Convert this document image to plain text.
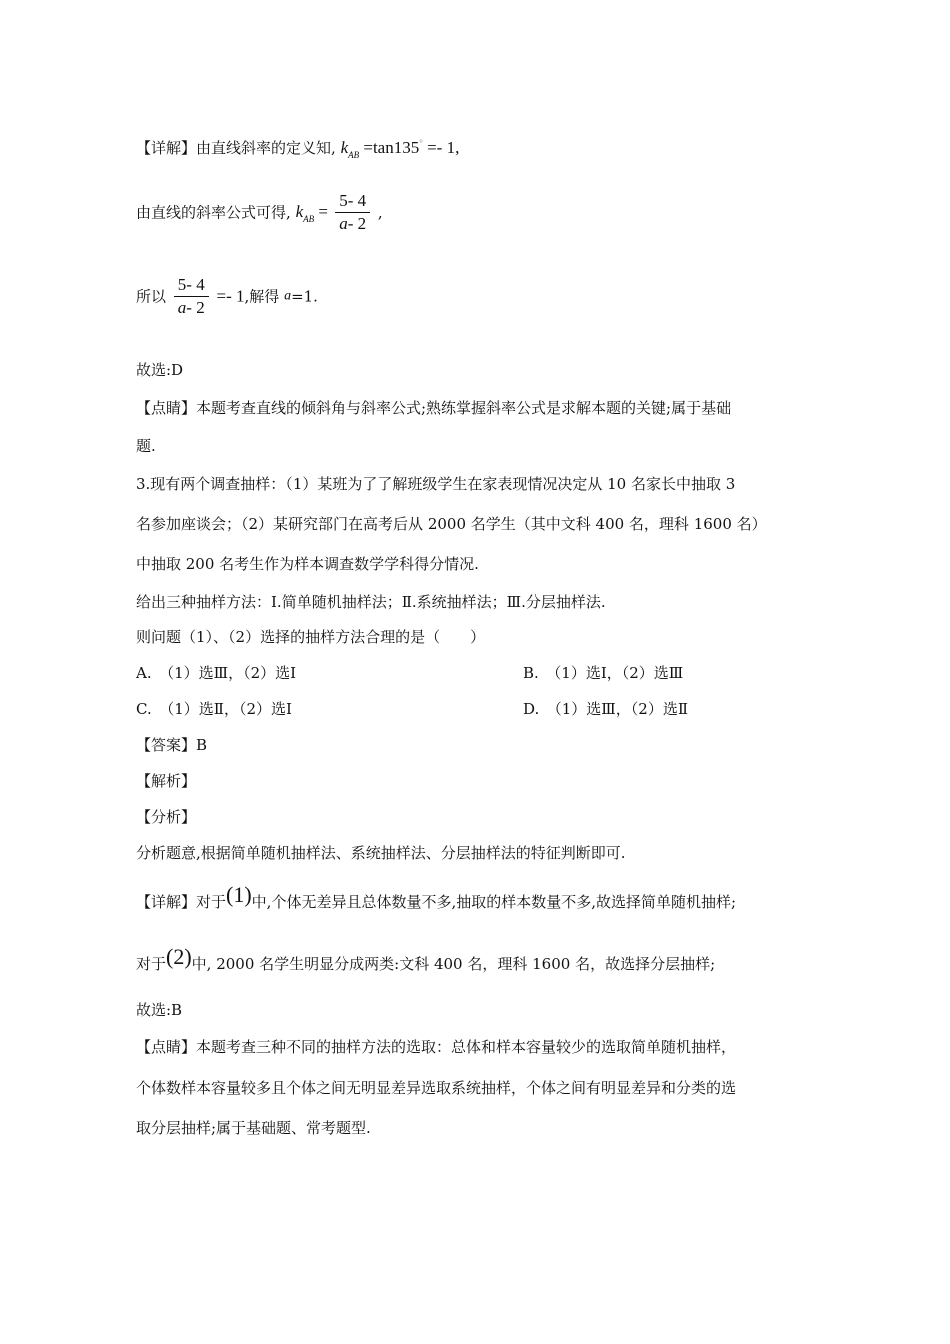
【详解】由直线斜率的定义知, $k_{AB} =\tan 135^\circ =- 1$,
由直线的斜率公式可得, $k_{AB} = \frac{5- 4}{a- 2}$ ,
所以 $\frac{5- 4}{a- 2} =- 1$,解得 a=1.
故选:D
【点睛】本题考查直线的倾斜角与斜率公式;熟练掌握斜率公式是求解本题的关键;属于基础
题.
3.现有两个调查抽样：（1）某班为了了解班级学生在家表现情况决定从 10 名家长中抽取 3
名参加座谈会；（2）某研究部门在高考后从 2000 名学生（其中文科 400 名，理科 1600 名）
中抽取 200 名考生作为样本调查数学学科得分情况.
给出三种抽样方法：Ⅰ.简单随机抽样法；Ⅱ.系统抽样法；Ⅲ.分层抽样法.
则问题（1）、（2）选择的抽样方法合理的是（　　）
A.　（1）选Ⅲ，（2）选Ⅰ	B.　（1）选Ⅰ，（2）选Ⅲ
C.　（1）选Ⅱ，（2）选Ⅰ	D.　（1）选Ⅲ，（2）选Ⅱ
【答案】B
【解析】
【分析】
分析题意,根据简单随机抽样法、系统抽样法、分层抽样法的特征判断即可.
【详解】对于(1)中,个体无差异且总体数量不多,抽取的样本数量不多,故选择简单随机抽样;
对于(2)中, 2000 名学生明显分成两类:文科 400 名，理科 1600 名，故选择分层抽样;
故选:B
【点睛】本题考查三种不同的抽样方法的选取：总体和样本容量较少的选取简单随机抽样，
个体数样本容量较多且个体之间无明显差异选取系统抽样，个体之间有明显差异和分类的选
取分层抽样;属于基础题、常考题型.
